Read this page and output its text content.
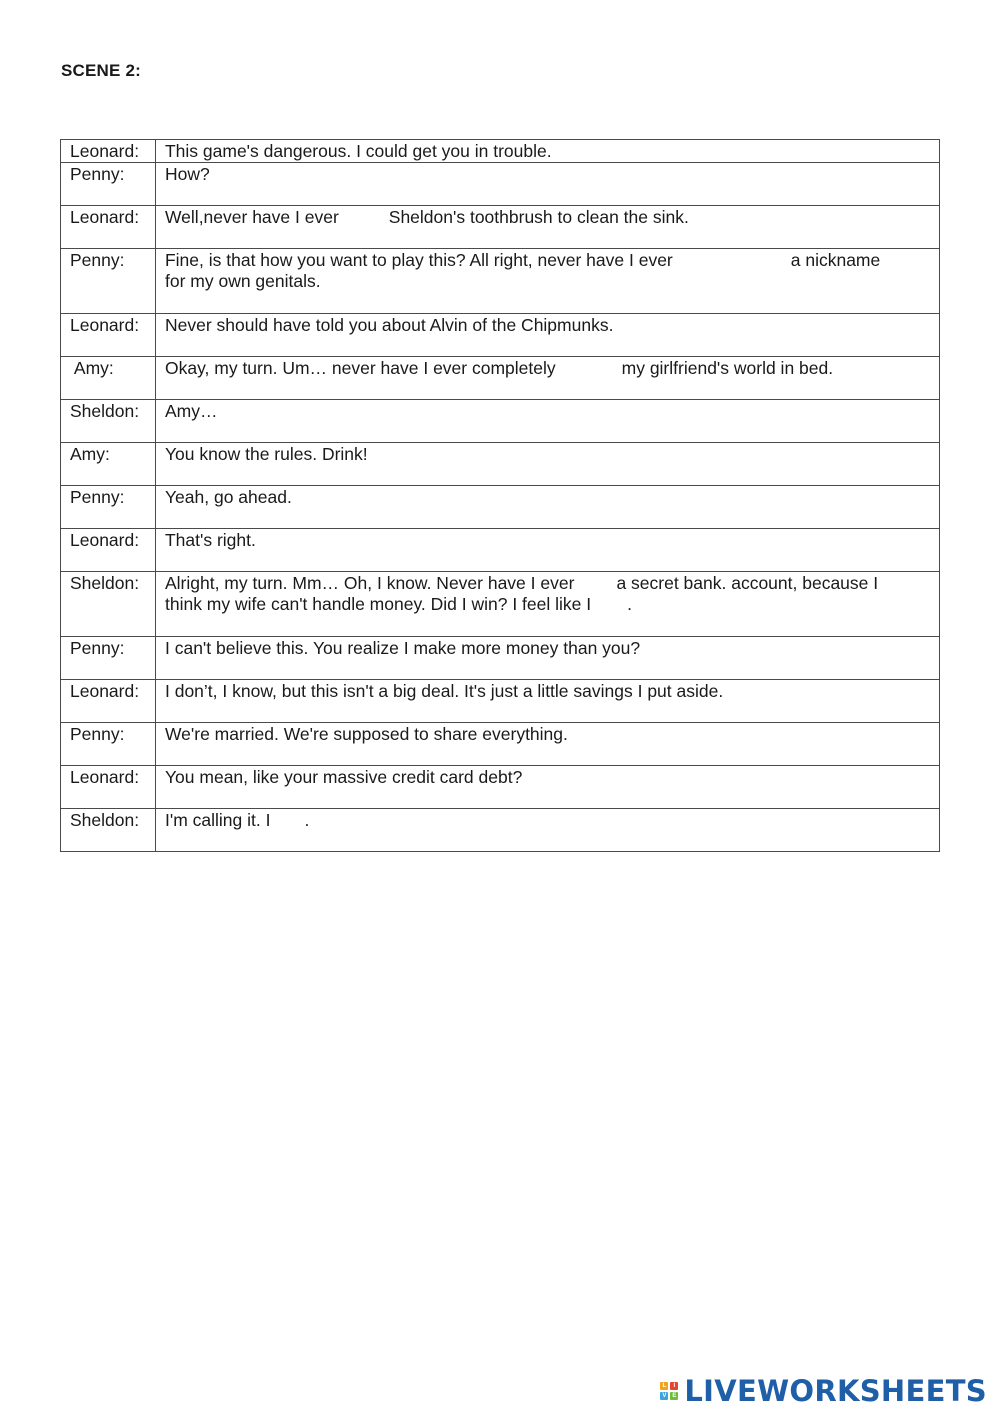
SCENE 2:
Leonard:	This game's dangerous. I could get you in trouble.
Penny:	How?
Leonard:	Well,never have I ever Sheldon's toothbrush to clean the sink.
Penny:	Fine, is that how you want to play this? All right, never have I ever a nickname
for my own genitals.
Leonard:	Never should have told you about Alvin of the Chipmunks.
Amy:	Okay, my turn. Um… never have I ever completely my girlfriend's world in bed.
Sheldon:	Amy…
Amy:	You know the rules. Drink!
Penny:	Yeah, go ahead.
Leonard:	That's right.
Sheldon:	Alright, my turn. Mm… Oh, I know. Never have I ever a secret bank. account, because I
think my wife can't handle money. Did I win? I feel like I .
Penny:	I can't believe this. You realize I make more money than you?
Leonard:	I don’t, I know, but this isn't a big deal. It's just a little savings I put aside.
Penny:	We're married. We're supposed to share everything.
Leonard:	You mean, like your massive credit card debt?
Sheldon:	I'm calling it. I .
L	I
V E LIVEWORKSHEETS
